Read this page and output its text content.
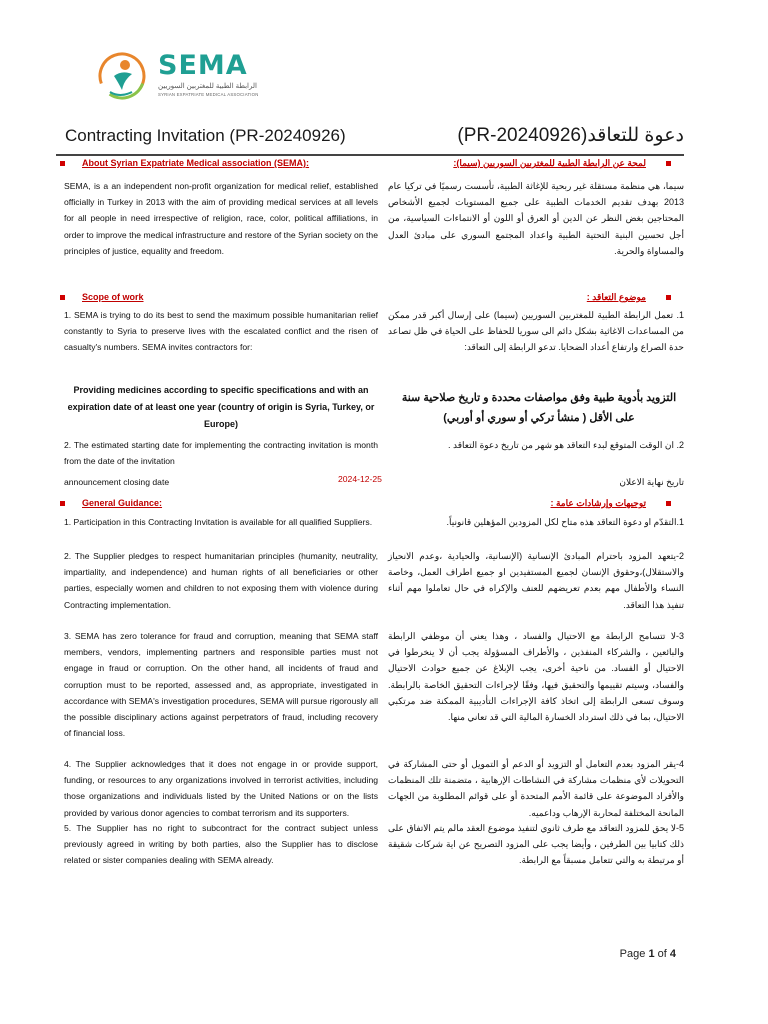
SEMA
الرابطة الطبية للمغتربين السوريين
SYRIAN EXPATRIATE MEDICAL ASSOCIATION
Contracting Invitation (PR-20240926)	دعوة للتعاقد(PR-20240926)
About Syrian Expatriate Medical association (SEMA):	لمحة عن الرابطة الطبية للمغتربين السوريين (سيما):

SEMA, is a an independent non-profit organization for medical relief, established officially in Turkey in 2013 with the aim of providing medical services at all levels for all people in need irrespective of religion, race, color, political affiliations, in order to improve the medical infrastructure and restore of the Syrian society on the principles of justice, equality and freedom.

سيما، هي منظمة مستقلة غير ربحية للإغاثة الطبية، تأسست رسميًا في تركيا عام 2013 بهدف تقديم الخدمات الطبية على جميع المستويات لجميع الأشخاص المحتاجين بغض النظر عن الدين أو العرق أو اللون أو الانتماءات السياسية، من أجل تحسين البنية التحتية الطبية واعداد المجتمع السوري على مبادئ العدل والمساواة والحرية.

Scope of work	موضوع التعاقد :

1. SEMA is trying to do its best to send the maximum possible humanitarian relief constantly to Syria to preserve lives with the escalated conflict and the risen of casualty's numbers. SEMA invites contractors for:

1. تعمل الرابطة الطبية للمغتربين السوريين (سيما) على إرسال أكبر قدر ممكن من المساعدات الاغاثية بشكل دائم الى سوريا للحفاظ على الحياة في ظل تصاعد حدة الصراع وارتفاع أعداد الضحايا. تدعو الرابطة إلى التعاقد:

Providing medicines according to specific specifications and with an expiration date of at least one year (country of origin is Syria, Turkey, or Europe)
التزويد بأدوية طبية وفق مواصفات محددة و تاريخ صلاحية سنة على الأقل ( منشأ تركي أو سوري أو أوربي)

2. The estimated starting date for implementing the contracting invitation is month from the date of the invitation

2. ان الوقت المتوقع لبدء التعاقد هو شهر من تاريخ دعوة التعاقد .

announcement closing date	2024-12-25	تاريخ نهاية الاعلان
General Guidance:	توجيهات وإرشادات عامة :
1. Participation in this Contracting Invitation is available for all qualified Suppliers.
2. The Supplier pledges to respect humanitarian principles (humanity, neutrality, impartiality, and independence) and human rights of all beneficiaries or other parties, especially women and children to not exposing them with violence during Contracting implementation.
3. SEMA has zero tolerance for fraud and corruption, meaning that SEMA staff members, vendors, implementing partners and responsible parties must not engage in fraud or corruption. On the other hand, all incidents of fraud and corruption must to be reported, assessed and, as appropriate, investigated in accordance with SEMA's investigation procedures, SEMA will pursue rigorously all the possible disciplinary actions against perpetrators of fraud, including recovery of financial loss.
4. The Supplier acknowledges that it does not engage in or provide support, funding, or resources to any organizations involved in terrorist activities, including those organizations and individuals listed by the United Nations or on the lists provided by various donor agencies to combat terrorism and its supporters.
5. The Supplier has no right to subcontract for the contract subject unless previously agreed in writing by both parties, also the Supplier has to disclose related or sister companies dealing with SEMA already.
1.التقدّم او دعوة التعاقد هذه متاح لكل المزودين المؤهلين قانونياً.
2-يتعهد المزود باحترام المبادئ الإنسانية (الإنسانية، والحيادية ،وعدم الانحياز والاستقلال)،وحقوق الإنسان لجميع المستفيدين او جميع اطراف العمل، وخاصة النساء والأطفال مهم بعدم تعريضهم للعنف والإكراه في حال تعاملوا مهم أثناء تنفيذ هذا التعاقد.
3-لا تتسامح الرابطة مع الاحتيال والفساد ، وهذا يعني أن موظفي الرابطة والبائعين ، والشركاء المنفذين ، والأطراف المسؤولة يجب أن لا ينخرطوا في الاحتيال أو الفساد. من ناحية أخرى، يجب الإبلاغ عن جميع حوادث الاحتيال والفساد، وسيتم تقييمها والتحقيق فيها، وفقًا لإجراءات التحقيق الخاصة بالرابطة. وسوف تسعى الرابطة إلى اتخاذ كافة الإجراءات التأديبية الممكنة ضد مرتكبي الاحتيال، بما في ذلك استرداد الخسارة المالية التي قد تعاني منها.
4-يقر المزود بعدم التعامل أو التزويد أو الدعم أو التمويل أو حتى المشاركة في التحويلات لأي منظمات مشاركة في النشاطات الإرهابية ، متضمنة تلك المنظمات والأفراد الموضوعة على قائمة الأمم المتحدة أو على قوائم المطلوبة من الجهات المانحة المختلفة لمحاربة الإرهاب وداعميه.
5-لا يحق للمزود التعاقد مع طرف ثانوي لتنفيذ موضوع العقد مالم يتم الاتفاق على ذلك كتابيا بين الطرفين ، وأيضا يجب على المزود التصريح عن اية شركات شقيقة أو مرتبطة به والتي تتعامل مسبقاً مع الرابطة.
Page 1 of 4
